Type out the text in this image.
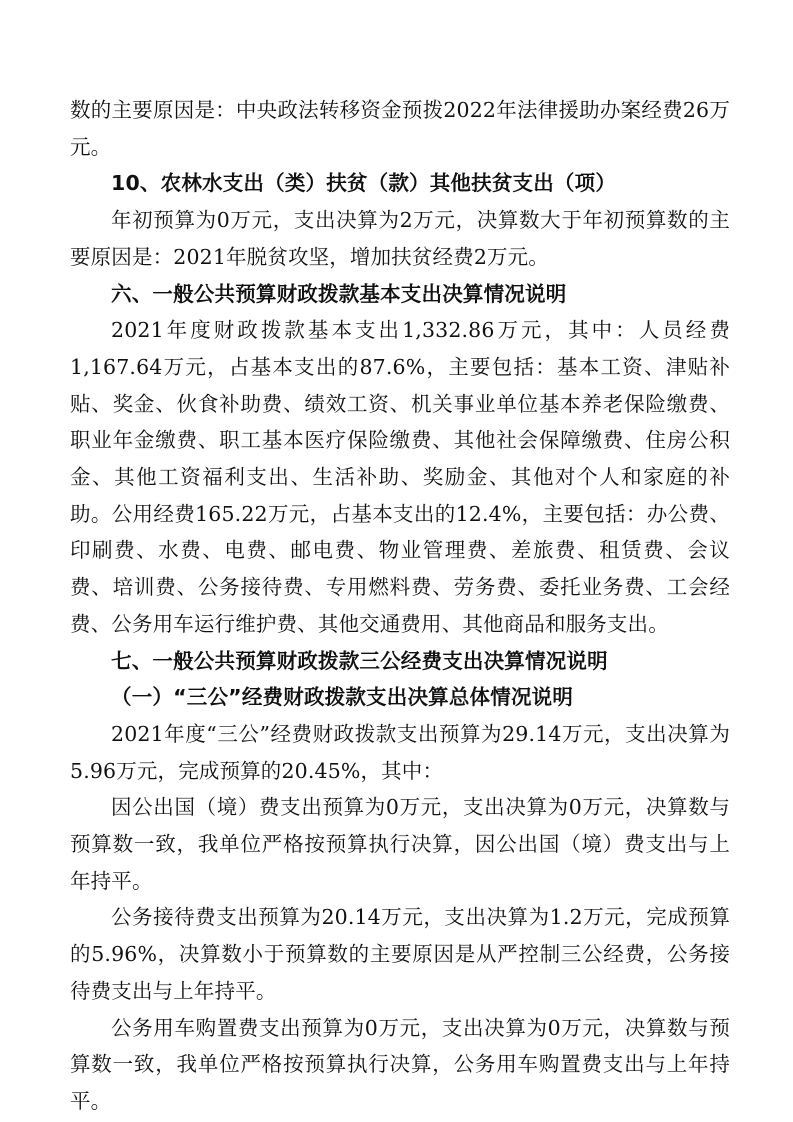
数的主要原因是：中央政法转移资金预拨2022年法律援助办案经费26万元。

10、农林水支出（类）扶贫（款）其他扶贫支出（项）

年初预算为0万元，支出决算为2万元，决算数大于年初预算数的主要原因是：2021年脱贫攻坚，增加扶贫经费2万元。

六、一般公共预算财政拨款基本支出决算情况说明

2021年度财政拨款基本支出1,332.86万元，其中：人员经费1,167.64万元，占基本支出的87.6%，主要包括：基本工资、津贴补贴、奖金、伙食补助费、绩效工资、机关事业单位基本养老保险缴费、职业年金缴费、职工基本医疗保险缴费、其他社会保障缴费、住房公积金、其他工资福利支出、生活补助、奖励金、其他对个人和家庭的补助。公用经费165.22万元，占基本支出的12.4%，主要包括：办公费、印刷费、水费、电费、邮电费、物业管理费、差旅费、租赁费、会议费、培训费、公务接待费、专用燃料费、劳务费、委托业务费、工会经费、公务用车运行维护费、其他交通费用、其他商品和服务支出。

七、一般公共预算财政拨款三公经费支出决算情况说明

（一）“三公”经费财政拨款支出决算总体情况说明

2021年度“三公”经费财政拨款支出预算为29.14万元，支出决算为5.96万元，完成预算的20.45%，其中：

因公出国（境）费支出预算为0万元，支出决算为0万元，决算数与预算数一致，我单位严格按预算执行决算，因公出国（境）费支出与上年持平。

公务接待费支出预算为20.14万元，支出决算为1.2万元，完成预算的5.96%，决算数小于预算数的主要原因是从严控制三公经费，公务接待费支出与上年持平。

公务用车购置费支出预算为0万元，支出决算为0万元，决算数与预算数一致，我单位严格按预算执行决算，公务用车购置费支出与上年持平。
